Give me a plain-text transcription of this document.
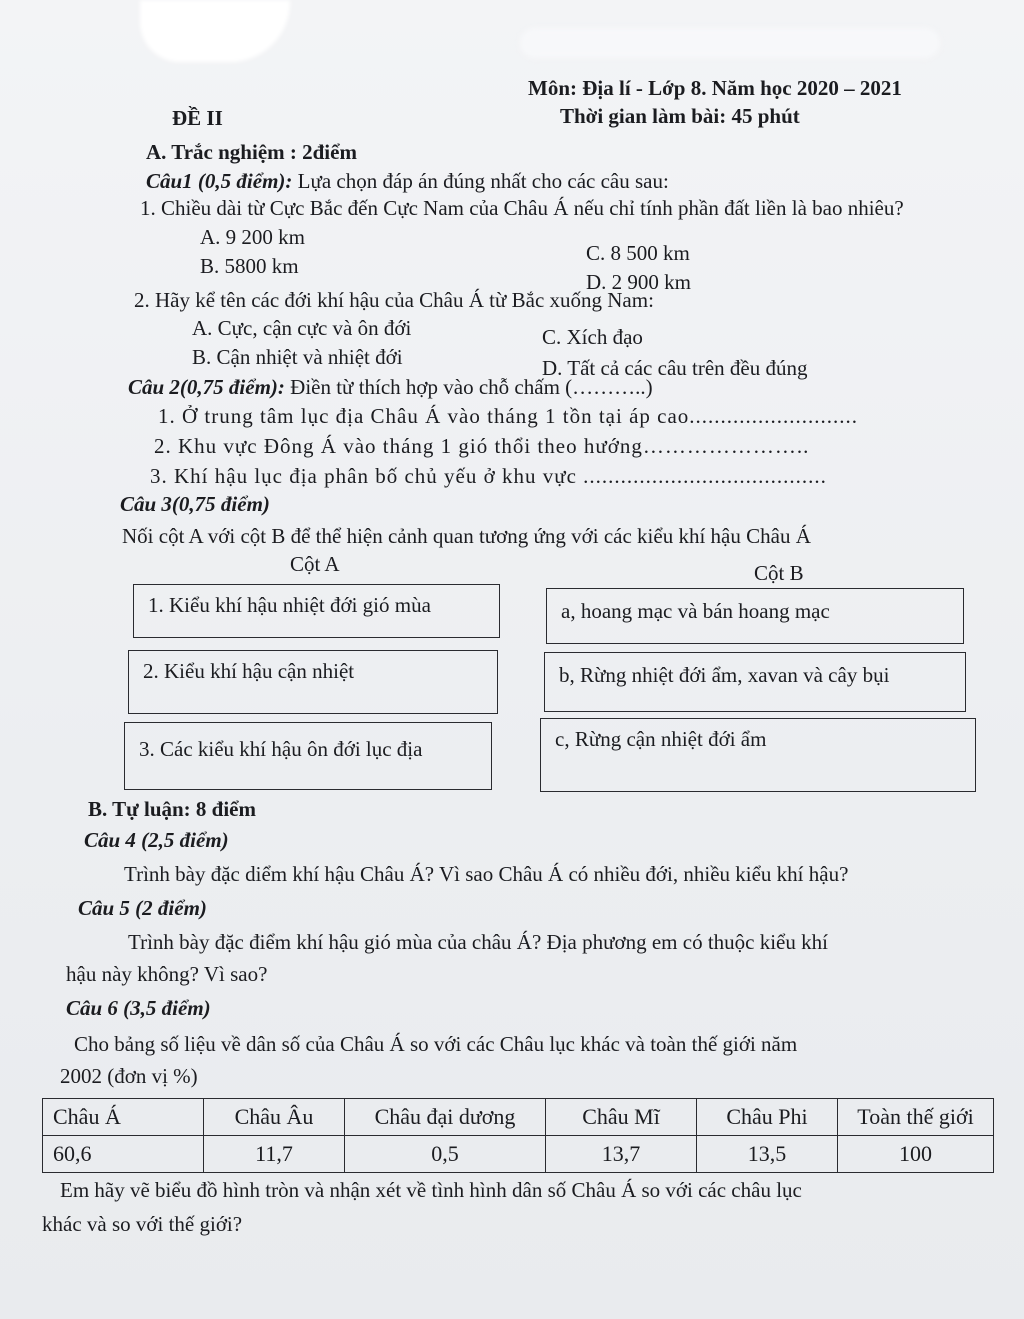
Môn: Địa lí - Lớp 8. Năm học 2020 – 2021
Thời gian làm bài: 45 phút
ĐỀ II
A. Trắc nghiệm : 2điểm
Câu1 (0,5 điểm): Lựa chọn đáp án đúng nhất cho các câu sau:
1. Chiều dài từ Cực Bắc đến Cực Nam của Châu Á nếu chỉ tính phần đất liền là bao nhiêu?
A. 9 200 km
B. 5800 km
C. 8 500 km
D. 2 900 km
2. Hãy kể tên các đới khí hậu của Châu Á từ Bắc xuống Nam:
A. Cực, cận cực và ôn đới
B. Cận nhiệt và nhiệt đới
C. Xích đạo
D. Tất cả các câu trên đều đúng
Câu 2(0,75 điểm): Điền từ thích hợp vào chỗ chấm (………..)
1. Ở trung tâm lục địa Châu Á vào tháng 1 tồn tại áp cao...........................
2. Khu vực Đông Á vào tháng 1 gió thổi theo hướng…………………..
3. Khí hậu lục địa phân bố chủ yếu ở khu vực .......................................
Câu 3(0,75 điểm)
Nối cột A với cột B để thể hiện cảnh quan tương ứng với các kiểu khí hậu Châu Á
Cột A	Cột B
1. Kiểu khí hậu nhiệt đới gió mùa
2. Kiểu khí hậu cận nhiệt
3. Các kiểu khí hậu ôn đới lục địa
a, hoang mạc và bán hoang mạc
b, Rừng nhiệt đới ẩm, xavan và cây bụi
c, Rừng cận nhiệt đới ẩm
B. Tự luận: 8 điểm
Câu 4 (2,5 điểm)
Trình bày đặc diểm khí hậu Châu Á? Vì sao Châu Á có nhiều đới, nhiều kiểu khí hậu?
Câu 5 (2 điểm)
Trình bày đặc điểm khí hậu gió mùa của châu Á? Địa phương em có thuộc kiểu khí
hậu này không? Vì sao?
Câu 6 (3,5 điểm)
Cho bảng số liệu về dân số của Châu Á so với các Châu lục khác và toàn thế giới năm
2002 (đơn vị %)
Châu Á	Châu Âu	Châu đại dương	Châu Mĩ	Châu Phi	Toàn thế giới
60,6	11,7	0,5	13,7	13,5	100
Em hãy vẽ biểu đồ hình tròn và nhận xét về tình hình dân số Châu Á so với các châu lục
khác và so với thế giới?
